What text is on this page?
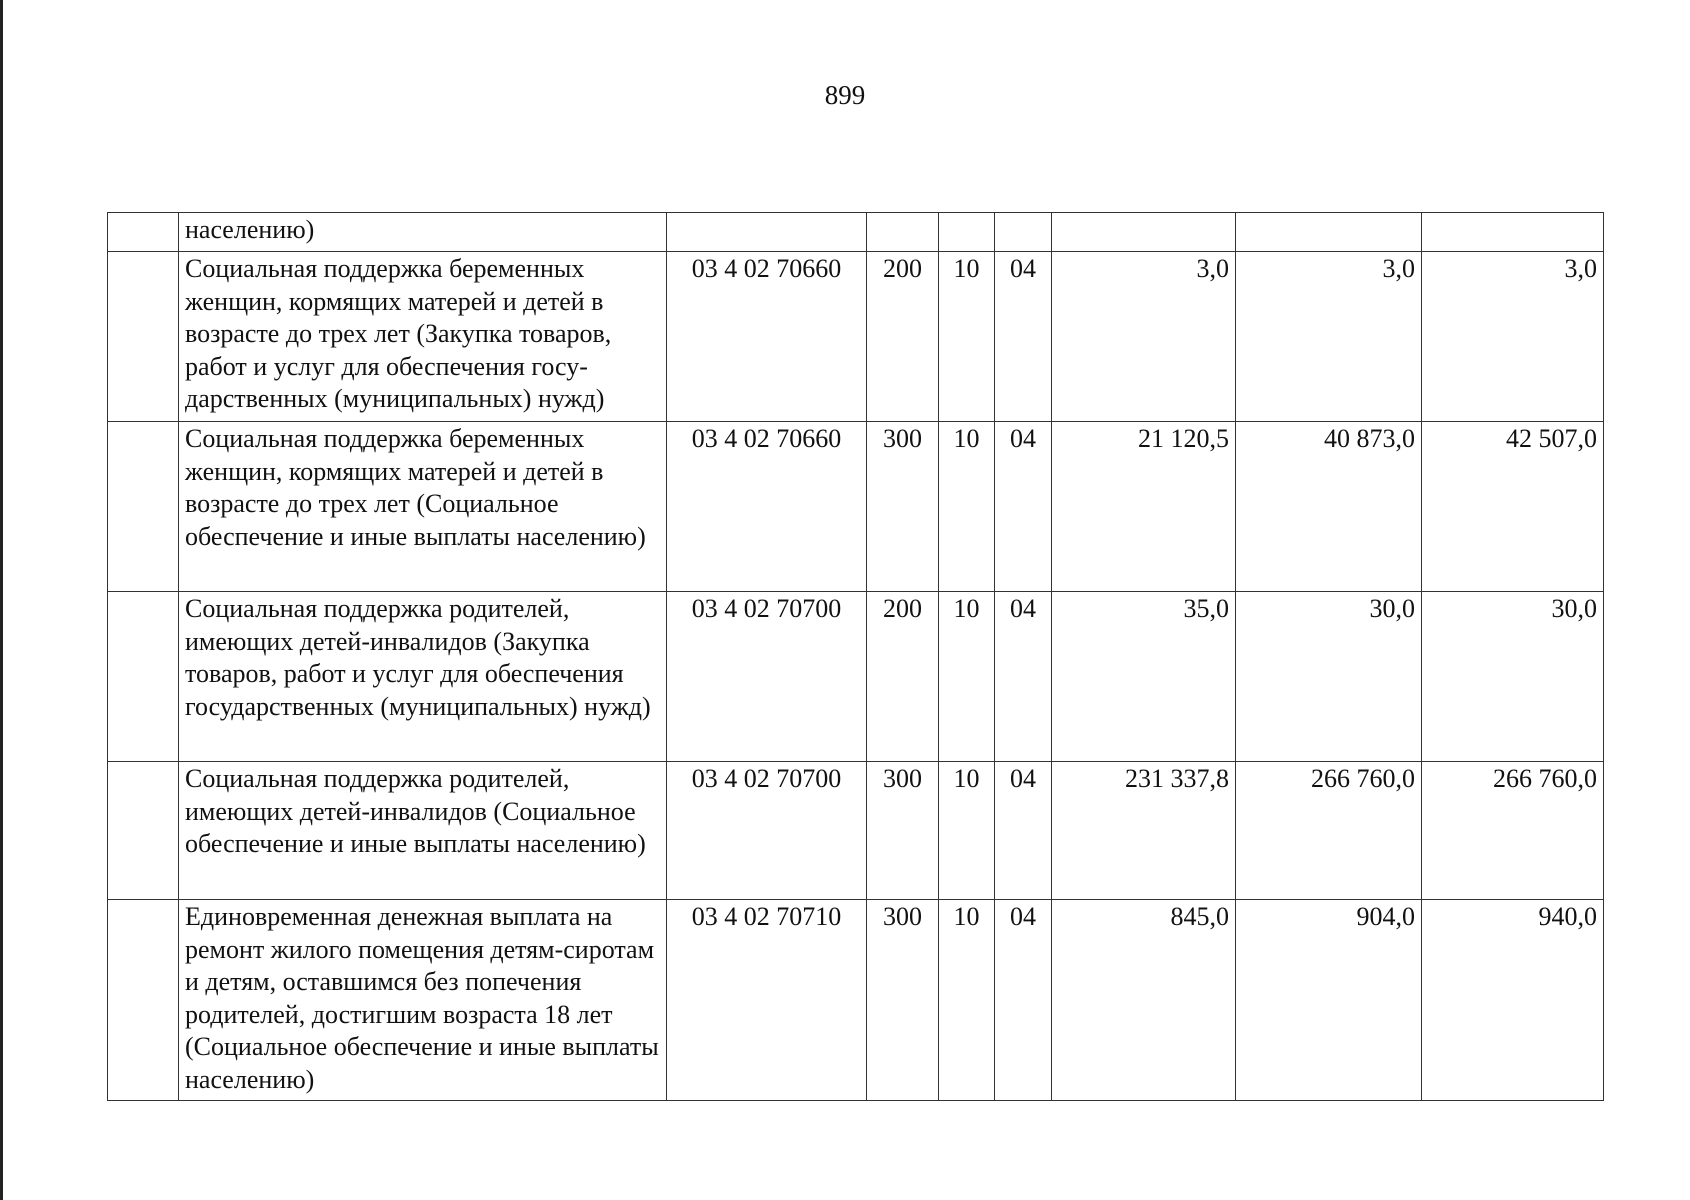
899
	населению)							
	Социальная поддержка беременных женщин, кормящих матерей и детей в возрасте до трех лет (Закупка товаров, работ и услуг для обеспечения государственных (муниципальных) нужд)	03 4 02 70660	200	10	04	3,0	3,0	3,0
	Социальная поддержка беременных женщин, кормящих матерей и детей в возрасте до трех лет (Социальное обеспечение и иные выплаты населению)	03 4 02 70660	300	10	04	21 120,5	40 873,0	42 507,0
	Социальная поддержка родителей, имеющих детей-инвалидов (Закупка товаров, работ и услуг для обеспечения государственных (муниципальных) нужд)	03 4 02 70700	200	10	04	35,0	30,0	30,0
	Социальная поддержка родителей, имеющих детей-инвалидов (Социальное обеспечение и иные выплаты населению)	03 4 02 70700	300	10	04	231 337,8	266 760,0	266 760,0
	Единовременная денежная выплата на ремонт жилого помещения детям-сиротам и детям, оставшимся без попечения родителей, достигшим возраста 18 лет (Социальное обеспечение и иные выплаты населению)	03 4 02 70710	300	10	04	845,0	904,0	940,0
